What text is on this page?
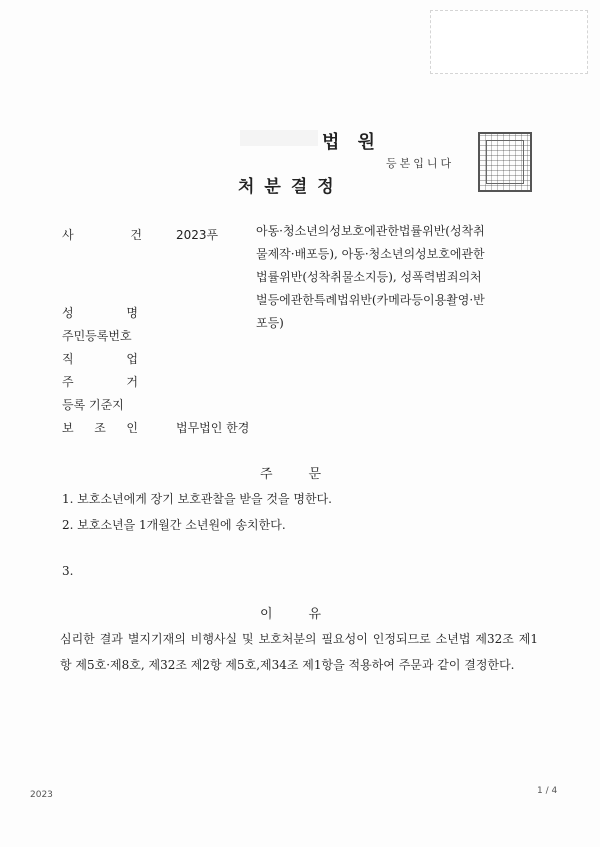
법 원
등본입니다
처분결정
사	건	2023푸	아동·청소년의성보호에관한법률위반(성착취물제작·배포등), 아동·청소년의성보호에관한법률위반(성착취물소지등), 성폭력범죄의처벌등에관한특례법위반(카메라등이용촬영·반포등)
성	명
주민등록번호
직	업
주	거
등록 기준지
보 조 인	법무법인 한경
주문
1. 보호소년에게 장기 보호관찰을 받을 것을 명한다.
2. 보호소년을 1개월간 소년원에 송치한다.
3.
이유
심리한 결과 별지기재의 비행사실 및 보호처분의 필요성이 인정되므로 소년법 제32조 제1항 제5호·제8호, 제32조 제2항 제5호,제34조 제1항을 적용하여 주문과 같이 결정한다.
2023	1 / 4
